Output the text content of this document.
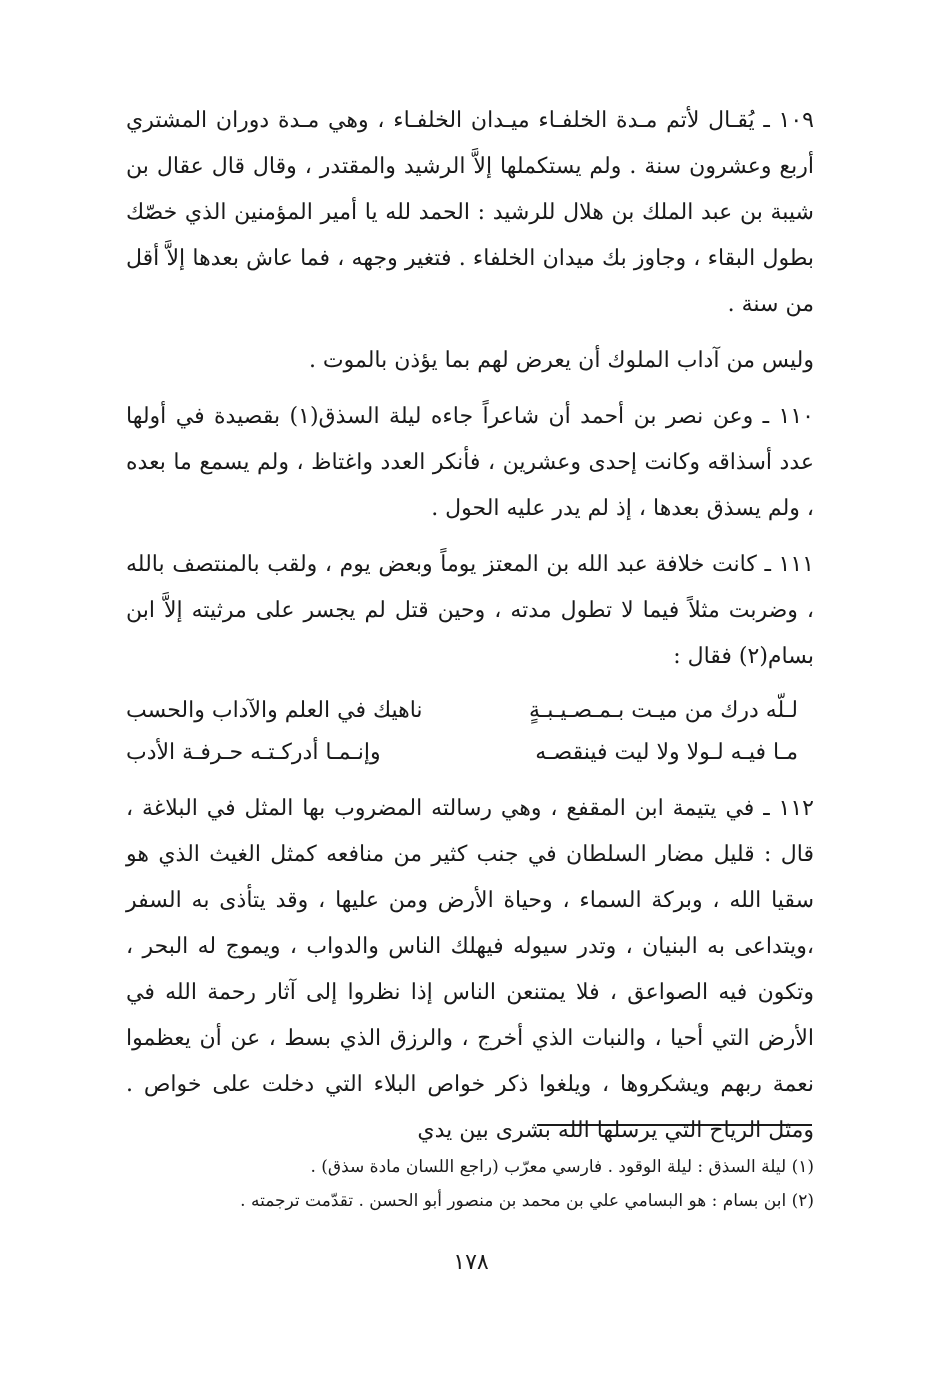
١٠٩ ـ يُقـال لأتم مـدة الخلفـاء ميـدان الخلفـاء ، وهي مـدة دوران المشتري أربع وعشرون سنة . ولم يستكملها إلاَّ الرشيد والمقتدر ، وقال قال عقال بن شيبة بن عبد الملك بن هلال للرشيد : الحمد لله يا أمير المؤمنين الذي خصّك بطول البقاء ، وجاوز بك ميدان الخلفاء . فتغير وجهه ، فما عاش بعدها إلاَّ أقل من سنة .

وليس من آداب الملوك أن يعرض لهم بما يؤذن بالموت .

١١٠ ـ وعن نصر بن أحمد أن شاعراً جاءه ليلة السذق(١) بقصيدة في أولها عدد أسذاقه وكانت إحدى وعشرين ، فأنكر العدد واغتاظ ، ولم يسمع ما بعده ، ولم يسذق بعدها ، إذ لم يدر عليه الحول .

١١١ ـ كانت خلافة عبد الله بن المعتز يوماً وبعض يوم ، ولقب بالمنتصف بالله ، وضربت مثلاً فيما لا تطول مدته ، وحين قتل لم يجسر على مرثيته إلاَّ ابن بسام(٢) فقال :

لـلّه درك من ميـت بـمـصـيـبـةٍ
ناهيك في العلم والآداب والحسب
مـا فيـه لـولا ولا ليت فينقصـه
وإنـمـا أدركـتـه حـرفـة الأدب

١١٢ ـ في يتيمة ابن المقفع ، وهي رسالته المضروب بها المثل في البلاغة ، قال : قليل مضار السلطان في جنب كثير من منافعه كمثل الغيث الذي هو سقيا الله ، وبركة السماء ، وحياة الأرض ومن عليها ، وقد يتأذى به السفر ،ويتداعى به البنيان ، وتدر سيوله فيهلك الناس والدواب ، ويموج له البحر ، وتكون فيه الصواعق ، فلا يمتنعن الناس إذا نظروا إلى آثار رحمة الله في الأرض التي أحيا ، والنبات الذي أخرج ، والرزق الذي بسط ، عن أن يعظموا نعمة ربهم ويشكروها ، ويلغوا ذكر خواص البلاء التي دخلت على خواص . ومثل الرياح التي يرسلها الله بشرى بين يدي

(١) ليلة السذق : ليلة الوقود . فارسي معرّب (راجع اللسان مادة سذق) .

(٢) ابن بسام : هو البسامي علي بن محمد بن منصور أبو الحسن . تقدّمت ترجمته .

١٧٨
